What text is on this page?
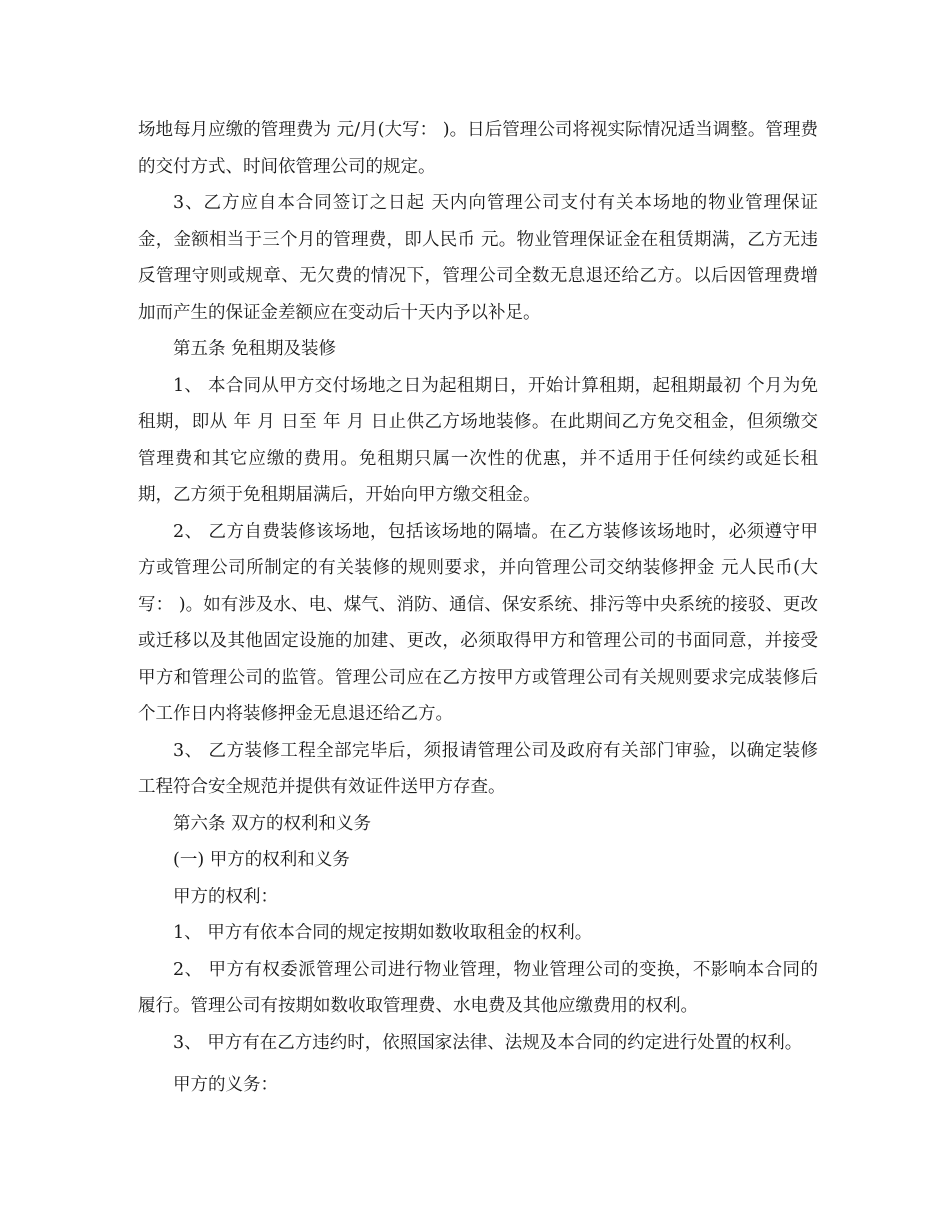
场地每月应缴的管理费为 元/月(大写： )。日后管理公司将视实际情况适当调整。管理费的交付方式、时间依管理公司的规定。

3、乙方应自本合同签订之日起 天内向管理公司支付有关本场地的物业管理保证金，金额相当于三个月的管理费，即人民币 元。物业管理保证金在租赁期满，乙方无违反管理守则或规章、无欠费的情况下，管理公司全数无息退还给乙方。以后因管理费增加而产生的保证金差额应在变动后十天内予以补足。

第五条 免租期及装修

1、 本合同从甲方交付场地之日为起租期日，开始计算租期，起租期最初 个月为免租期，即从 年 月 日至 年 月 日止供乙方场地装修。在此期间乙方免交租金，但须缴交管理费和其它应缴的费用。免租期只属一次性的优惠，并不适用于任何续约或延长租期，乙方须于免租期届满后，开始向甲方缴交租金。

2、 乙方自费装修该场地，包括该场地的隔墙。在乙方装修该场地时，必须遵守甲方或管理公司所制定的有关装修的规则要求，并向管理公司交纳装修押金 元人民币(大写： )。如有涉及水、电、煤气、消防、通信、保安系统、排污等中央系统的接驳、更改或迁移以及其他固定设施的加建、更改，必须取得甲方和管理公司的书面同意，并接受甲方和管理公司的监管。管理公司应在乙方按甲方或管理公司有关规则要求完成装修后 个工作日内将装修押金无息退还给乙方。

3、 乙方装修工程全部完毕后，须报请管理公司及政府有关部门审验，以确定装修工程符合安全规范并提供有效证件送甲方存查。

第六条 双方的权利和义务

(一) 甲方的权利和义务

甲方的权利：

1、 甲方有依本合同的规定按期如数收取租金的权利。

2、 甲方有权委派管理公司进行物业管理，物业管理公司的变换，不影响本合同的履行。管理公司有按期如数收取管理费、水电费及其他应缴费用的权利。

3、 甲方有在乙方违约时，依照国家法律、法规及本合同的约定进行处置的权利。

甲方的义务：
